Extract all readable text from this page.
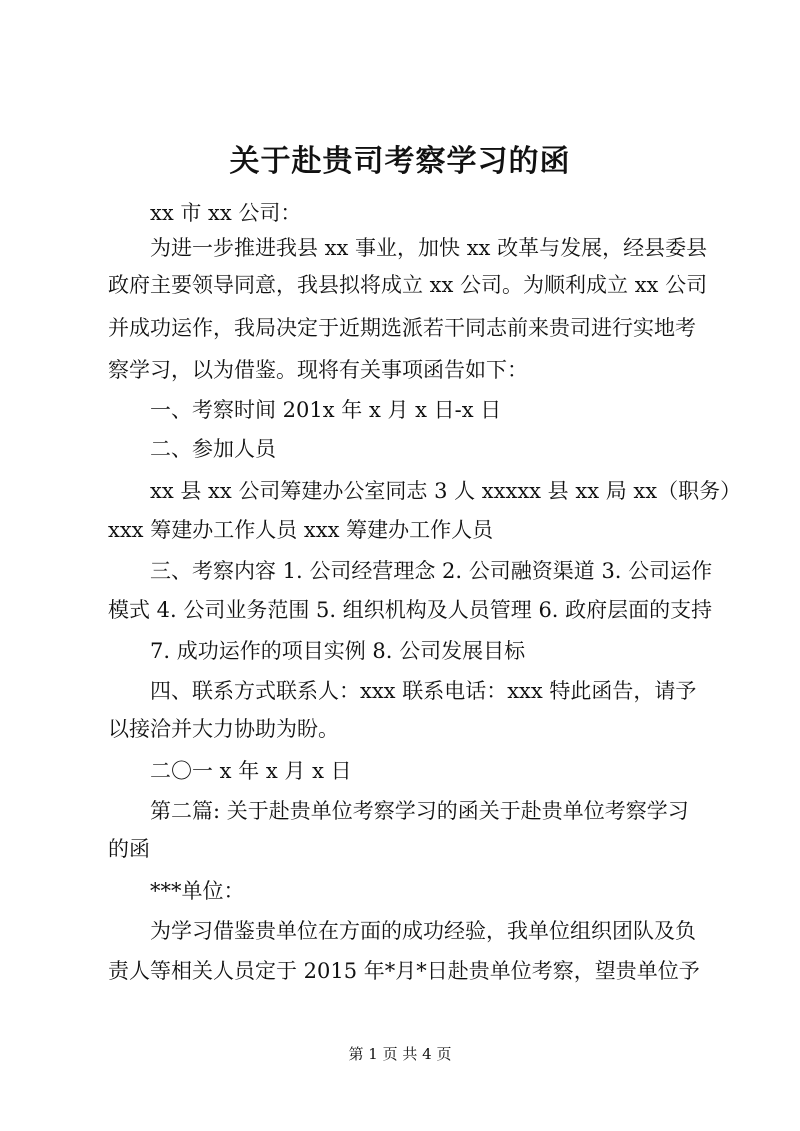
关于赴贵司考察学习的函
xx 市 xx 公司：
为进一步推进我县 xx 事业，加快 xx 改革与发展，经县委县
政府主要领导同意，我县拟将成立 xx 公司。为顺利成立 xx 公司
并成功运作，我局决定于近期选派若干同志前来贵司进行实地考
察学习，以为借鉴。现将有关事项函告如下：
一、考察时间 201x 年 x 月 x 日-x 日
二、参加人员
xx 县 xx 公司筹建办公室同志 3 人 xxxxx 县 xx 局 xx（职务）
xxx 筹建办工作人员 xxx 筹建办工作人员
三、考察内容 1. 公司经营理念 2. 公司融资渠道 3. 公司运作
模式 4. 公司业务范围 5. 组织机构及人员管理 6. 政府层面的支持
7. 成功运作的项目实例 8. 公司发展目标
四、联系方式联系人：xxx 联系电话：xxx 特此函告，请予
以接洽并大力协助为盼。
二〇一 x 年 x 月 x 日
第二篇: 关于赴贵单位考察学习的函关于赴贵单位考察学习
的函
***单位：
为学习借鉴贵单位在方面的成功经验，我单位组织团队及负
责人等相关人员定于 2015 年*月*日赴贵单位考察，望贵单位予
第 1 页 共 4 页
